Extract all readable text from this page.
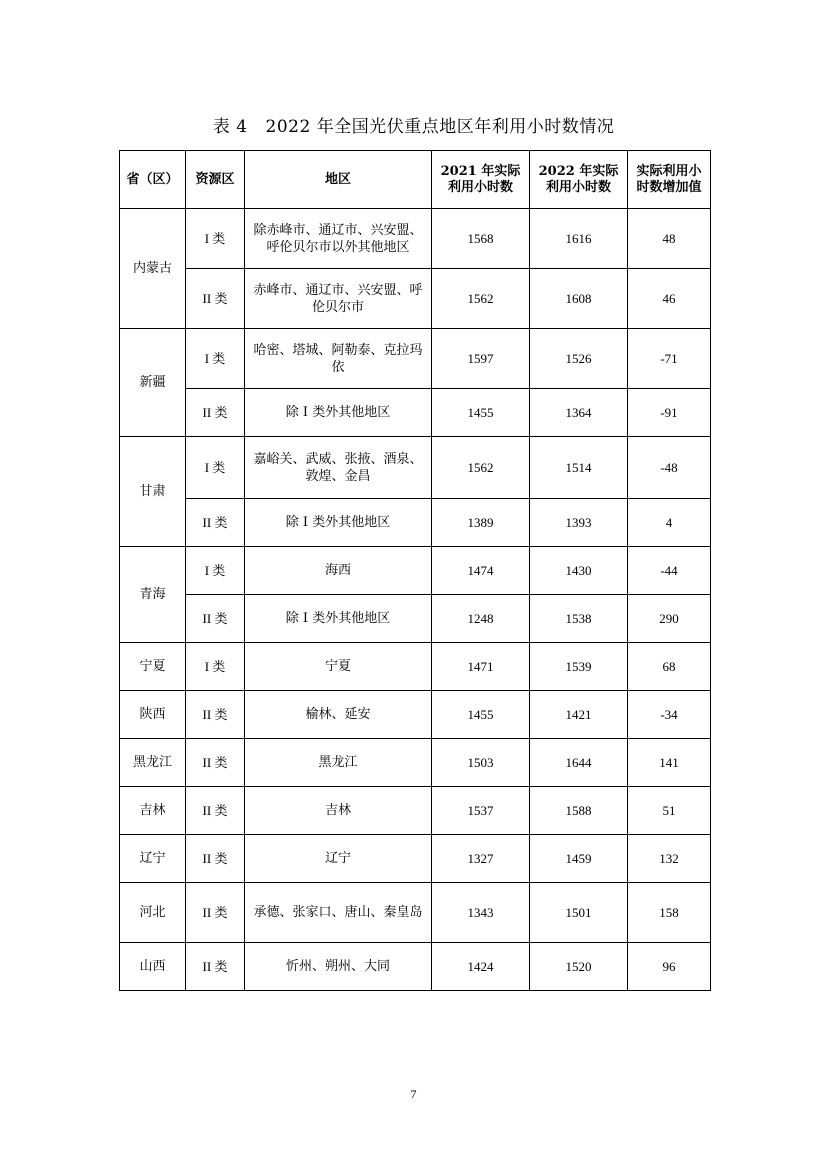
表 4 2022 年全国光伏重点地区年利用小时数情况
省（区）	资源区	地区	2021 年实际利用小时数	2022 年实际利用小时数	实际利用小时数增加值
内蒙古	I 类	除赤峰市、通辽市、兴安盟、呼伦贝尔市以外其他地区	1568	1616	48
	II 类	赤峰市、通辽市、兴安盟、呼伦贝尔市	1562	1608	46
新疆	I 类	哈密、塔城、阿勒泰、克拉玛依	1597	1526	-71
	II 类	除 I 类外其他地区	1455	1364	-91
甘肃	I 类	嘉峪关、武威、张掖、酒泉、敦煌、金昌	1562	1514	-48
	II 类	除 I 类外其他地区	1389	1393	4
青海	I 类	海西	1474	1430	-44
	II 类	除 I 类外其他地区	1248	1538	290
宁夏	I 类	宁夏	1471	1539	68
陕西	II 类	榆林、延安	1455	1421	-34
黑龙江	II 类	黑龙江	1503	1644	141
吉林	II 类	吉林	1537	1588	51
辽宁	II 类	辽宁	1327	1459	132
河北	II 类	承德、张家口、唐山、秦皇岛	1343	1501	158
山西	II 类	忻州、朔州、大同	1424	1520	96
7
